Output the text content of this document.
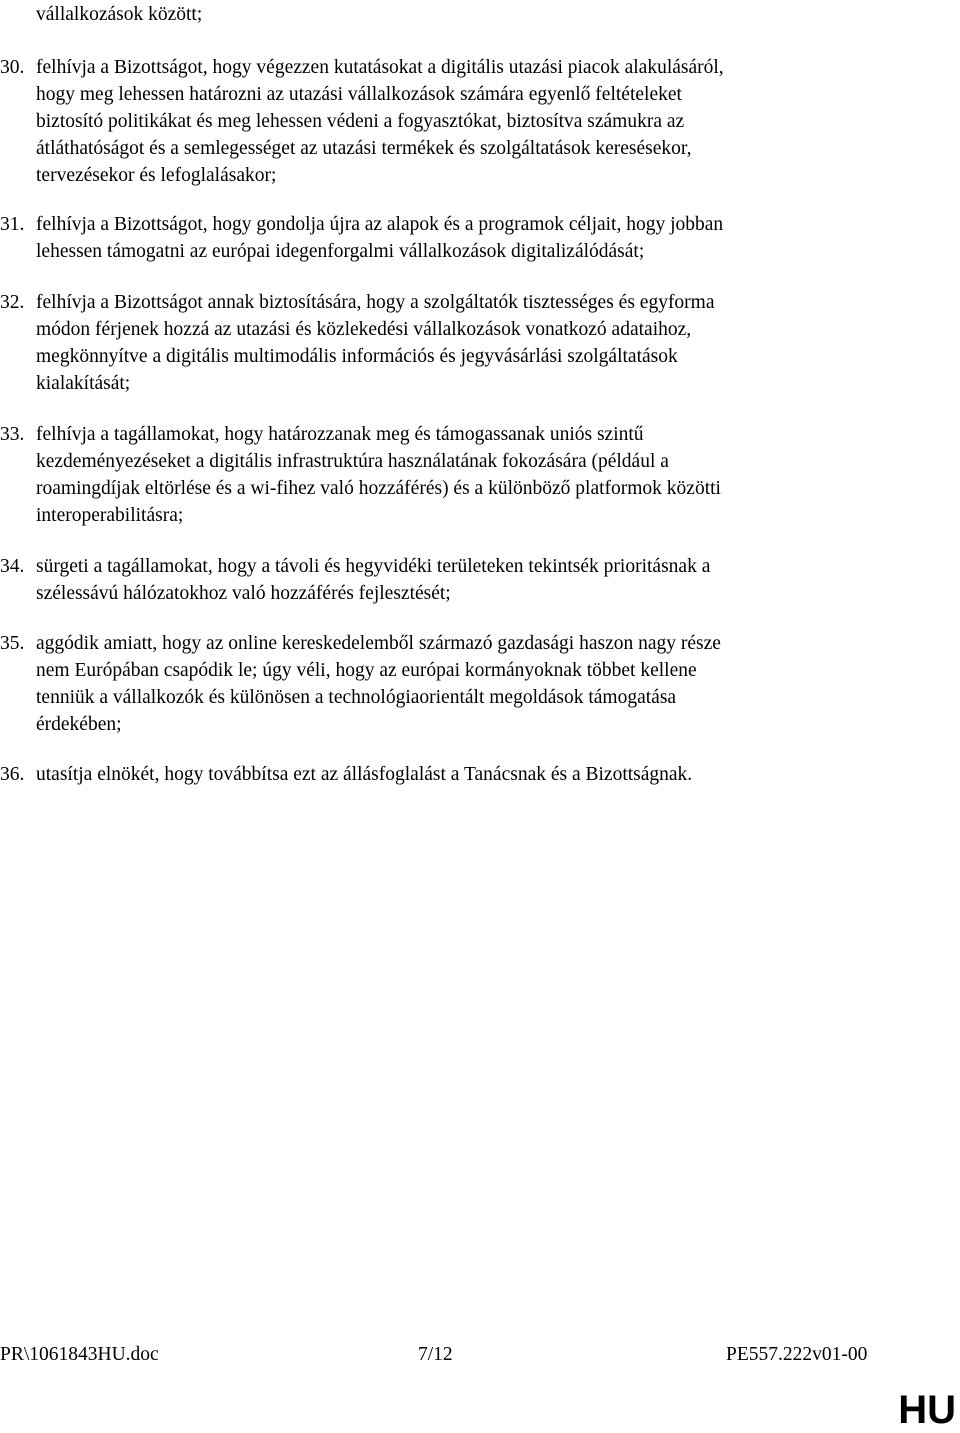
vállalkozások között;

30. felhívja a Bizottságot, hogy végezzen kutatásokat a digitális utazási piacok alakulásáról,

hogy meg lehessen határozni az utazási vállalkozások számára egyenlő feltételeket

biztosító politikákat és meg lehessen védeni a fogyasztókat, biztosítva számukra az

átláthatóságot és a semlegességet az utazási termékek és szolgáltatások keresésekor,

tervezésekor és lefoglalásakor;

31. felhívja a Bizottságot, hogy gondolja újra az alapok és a programok céljait, hogy jobban

lehessen támogatni az európai idegenforgalmi vállalkozások digitalizálódását;

32. felhívja a Bizottságot annak biztosítására, hogy a szolgáltatók tisztességes és egyforma

módon férjenek hozzá az utazási és közlekedési vállalkozások vonatkozó adataihoz,

megkönnyítve a digitális multimodális információs és jegyvásárlási szolgáltatások

kialakítását;

33. felhívja a tagállamokat, hogy határozzanak meg és támogassanak uniós szintű

kezdeményezéseket a digitális infrastruktúra használatának fokozására (például a

roamingdíjak eltörlése és a wi-fihez való hozzáférés) és a különböző platformok közötti

interoperabilitásra;

34. sürgeti a tagállamokat, hogy a távoli és hegyvidéki területeken tekintsék prioritásnak a

szélessávú hálózatokhoz való hozzáférés fejlesztését;

35. aggódik amiatt, hogy az online kereskedelemből származó gazdasági haszon nagy része

nem Európában csapódik le; úgy véli, hogy az európai kormányoknak többet kellene

tenniük a vállalkozók és különösen a technológiaorientált megoldások támogatása

érdekében;

36. utasítja elnökét, hogy továbbítsa ezt az állásfoglalást a Tanácsnak és a Bizottságnak.

PR\1061843HU.doc	7/12	PE557.222v01-00
HU
